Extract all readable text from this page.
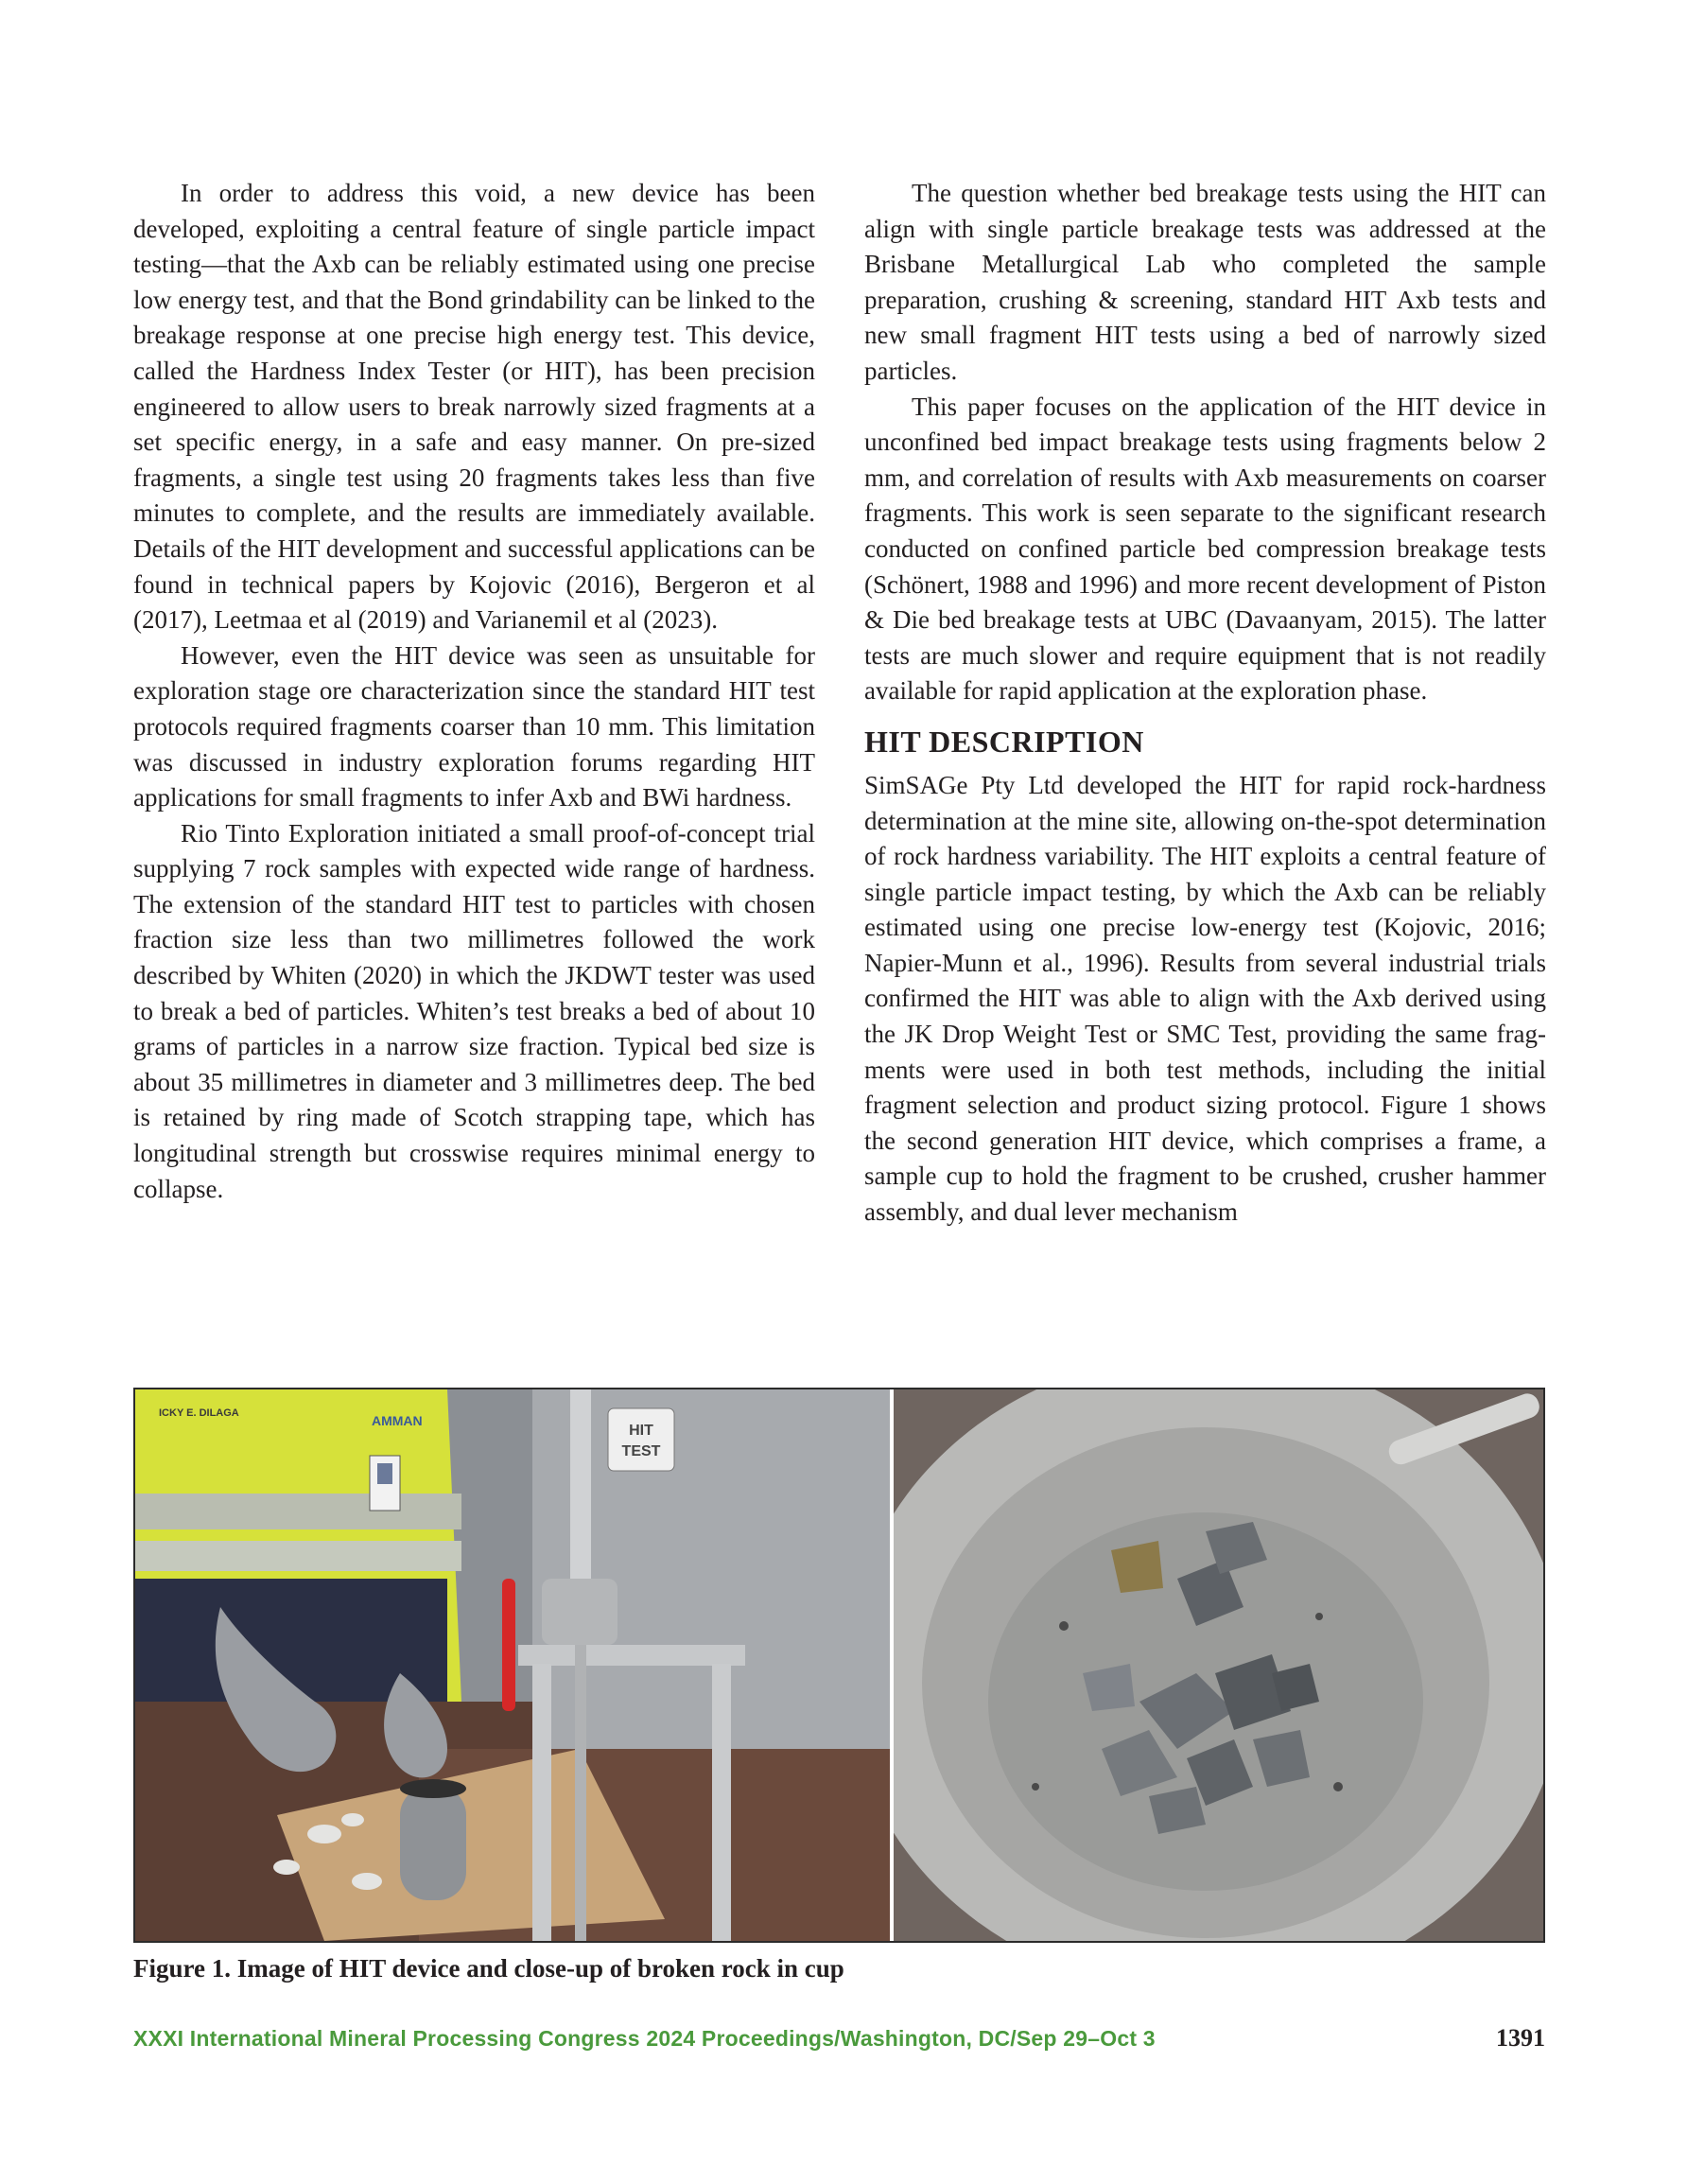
In order to address this void, a new device has been developed, exploiting a central feature of single particle impact testing—that the Axb can be reliably estimated using one precise low energy test, and that the Bond grindability can be linked to the breakage response at one precise high energy test. This device, called the Hardness Index Tester (or HIT), has been precision engineered to allow users to break narrowly sized fragments at a set specific energy, in a safe and easy manner. On pre-sized fragments, a single test using 20 fragments takes less than five minutes to complete, and the results are immediately available. Details of the HIT development and successful applications can be found in technical papers by Kojovic (2016), Bergeron et al (2017), Leetmaa et al (2019) and Varianemil et al (2023).

However, even the HIT device was seen as unsuitable for exploration stage ore characterization since the standard HIT test protocols required fragments coarser than 10 mm. This limitation was discussed in industry exploration forums regarding HIT applications for small fragments to infer Axb and BWi hardness.

Rio Tinto Exploration initiated a small proof-of-concept trial supplying 7 rock samples with expected wide range of hardness. The extension of the standard HIT test to particles with chosen fraction size less than two millimetres followed the work described by Whiten (2020) in which the JKDWT tester was used to break a bed of particles. Whiten’s test breaks a bed of about 10 grams of particles in a narrow size fraction. Typical bed size is about 35 millimetres in diameter and 3 millimetres deep. The bed is retained by ring made of Scotch strapping tape, which has longitudinal strength but crosswise requires minimal energy to collapse.

The question whether bed breakage tests using the HIT can align with single particle breakage tests was addressed at the Brisbane Metallurgical Lab who completed the sample preparation, crushing & screening, standard HIT Axb tests and new small fragment HIT tests using a bed of narrowly sized particles.

This paper focuses on the application of the HIT device in unconfined bed impact breakage tests using fragments below 2 mm, and correlation of results with Axb measurements on coarser fragments. This work is seen separate to the significant research conducted on confined particle bed compression breakage tests (Schönert, 1988 and 1996) and more recent development of Piston & Die bed breakage tests at UBC (Davaanyam, 2015). The latter tests are much slower and require equipment that is not readily available for rapid application at the exploration phase.

HIT DESCRIPTION

SimSAGe Pty Ltd developed the HIT for rapid rock-hardness determination at the mine site, allowing on-the-spot determination of rock hardness variability. The HIT exploits a central feature of single particle impact testing, by which the Axb can be reliably estimated using one precise low-energy test (Kojovic, 2016; Napier-Munn et al., 1996). Results from several industrial trials confirmed the HIT was able to align with the Axb derived using the JK Drop Weight Test or SMC Test, providing the same fragments were used in both test methods, including the initial fragment selection and product sizing protocol. Figure 1 shows the second generation HIT device, which comprises a frame, a sample cup to hold the fragment to be crushed, crusher hammer assembly, and dual lever mechanism

HIT
TEST
ICKY E. DILAGA	AMMAN
Figure 1. Image of HIT device and close-up of broken rock in cup
XXXI International Mineral Processing Congress 2024 Proceedings/Washington, DC/Sep 29–Oct 3	1391
